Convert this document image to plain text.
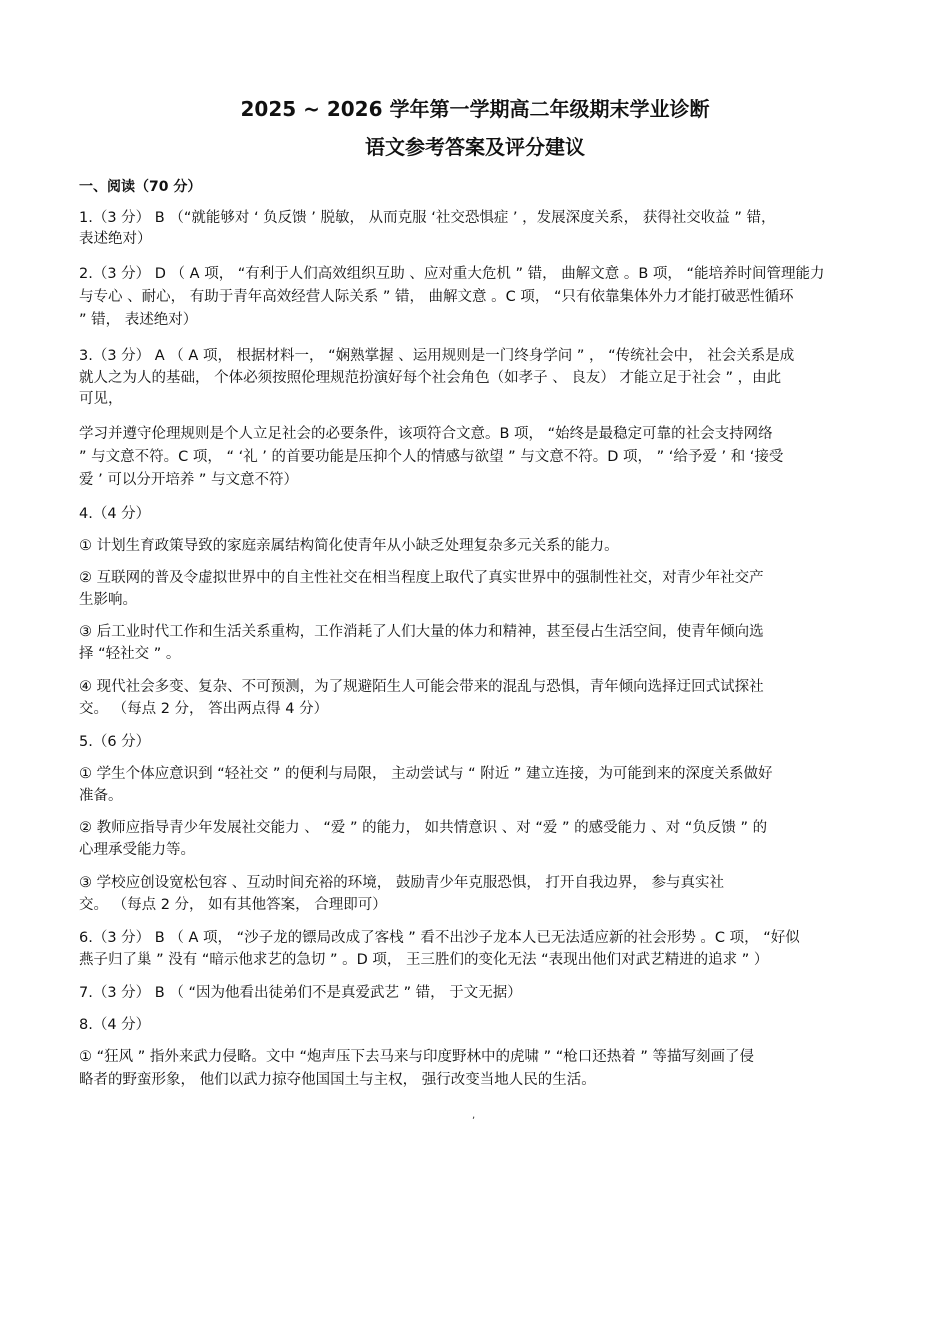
2025 ~ 2026 学年第一学期高二年级期末学业诊断
语文参考答案及评分建议
一、阅读（70 分）
1.（3 分） B （“就能够对 ‘ 负反馈 ’ 脱敏， 从而克服 ‘社交恐惧症 ’ ，发展深度关系， 获得社交收益 ” 错，
表述绝对）
2.（3 分） D （ A 项， “有利于人们高效组织互助 、应对重大危机 ” 错， 曲解文意 。B 项， “能培养时间管理能力
与专心 、耐心， 有助于青年高效经营人际关系 ” 错， 曲解文意 。C 项， “只有依靠集体外力才能打破恶性循环
” 错， 表述绝对）
3.（3 分） A （ A 项， 根据材料一， “娴熟掌握 、运用规则是一门终身学问 ” ， “传统社会中， 社会关系是成
就人之为人的基础， 个体必须按照伦理规范扮演好每个社会角色（如孝子 、 良友） 才能立足于社会 ” ，由此
可见，
学习并遵守伦理规则是个人立足社会的必要条件，该项符合文意。B 项， “始终是最稳定可靠的社会支持网络
” 与文意不符。C 项， “ ‘礼 ’ 的首要功能是压抑个人的情感与欲望 ” 与文意不符。D 项， ” ‘给予爱 ’ 和 ‘接受
爱 ’ 可以分开培养 ” 与文意不符）
4.（4 分）
① 计划生育政策导致的家庭亲属结构简化使青年从小缺乏处理复杂多元关系的能力。
② 互联网的普及令虚拟世界中的自主性社交在相当程度上取代了真实世界中的强制性社交，对青少年社交产
生影响。
③ 后工业时代工作和生活关系重构，工作消耗了人们大量的体力和精神，甚至侵占生活空间，使青年倾向选
择 “轻社交 ” 。
④ 现代社会多变、复杂、不可预测，为了规避陌生人可能会带来的混乱与恐惧，青年倾向选择迂回式试探社
交。 （每点 2 分， 答出两点得 4 分）
5.（6 分）
① 学生个体应意识到 “轻社交 ” 的便利与局限， 主动尝试与 “ 附近 ” 建立连接，为可能到来的深度关系做好
准备。
② 教师应指导青少年发展社交能力 、 “爱 ” 的能力， 如共情意识 、对 “爱 ” 的感受能力 、对 “负反馈 ” 的
心理承受能力等。
③ 学校应创设宽松包容 、互动时间充裕的环境， 鼓励青少年克服恐惧， 打开自我边界， 参与真实社
交。 （每点 2 分， 如有其他答案， 合理即可）
6.（3 分） B （ A 项， “沙子龙的镖局改成了客栈 ” 看不出沙子龙本人已无法适应新的社会形势 。C 项， “好似
燕子归了巢 ” 没有 “暗示他求艺的急切 ” 。D 项， 王三胜们的变化无法 “表现出他们对武艺精进的追求 ” ）
7.（3 分） B （ “因为他看出徒弟们不是真爱武艺 ” 错， 于文无据）
8.（4 分）
① “狂风 ” 指外来武力侵略。文中 “炮声压下去马来与印度野林中的虎啸 ” “枪口还热着 ” 等描写刻画了侵
略者的野蛮形象， 他们以武力掠夺他国国土与主权， 强行改变当地人民的生活。
,
